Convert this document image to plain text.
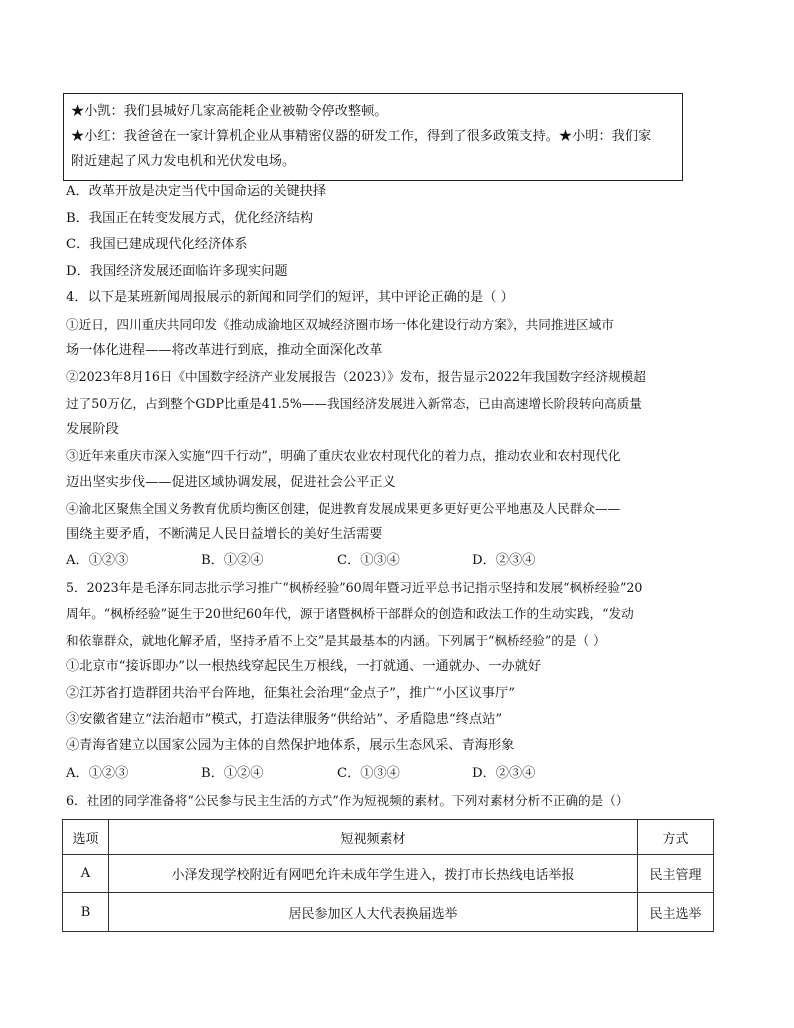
★小凯：我们县城好几家高能耗企业被勒令停改整顿。
★小红：我爸爸在一家计算机企业从事精密仪器的研发工作，得到了很多政策支持。★小明：我们家
附近建起了风力发电机和光伏发电场。
A．改革开放是决定当代中国命运的关键抉择
B．我国正在转变发展方式，优化经济结构
C．我国已建成现代化经济体系
D．我国经济发展还面临许多现实问题
4．以下是某班新闻周报展示的新闻和同学们的短评，其中评论正确的是（ ）
①近日，四川重庆共同印发《推动成渝地区双城经济圈市场一体化建设行动方案》，共同推进区域市
场一体化进程——将改革进行到底，推动全面深化改革
②2023年8月16日《中国数字经济产业发展报告（2023）》发布，报告显示2022年我国数字经济规模超
过了50万亿，占到整个GDP比重是41.5%——我国经济发展进入新常态，已由高速增长阶段转向高质量
发展阶段
③近年来重庆市深入实施“四千行动”，明确了重庆农业农村现代化的着力点，推动农业和农村现代化
迈出坚实步伐——促进区域协调发展，促进社会公平正义
④渝北区聚焦全国义务教育优质均衡区创建，促进教育发展成果更多更好更公平地惠及人民群众——
围绕主要矛盾，不断满足人民日益增长的美好生活需要
A．①②③	B．①②④	C．①③④	D．②③④
5．2023年是毛泽东同志批示学习推广“枫桥经验”60周年暨习近平总书记指示坚持和发展“枫桥经验”20
周年。“枫桥经验”诞生于20世纪60年代，源于诸暨枫桥干部群众的创造和政法工作的生动实践，“发动
和依靠群众，就地化解矛盾，坚持矛盾不上交”是其最基本的内涵。下列属于“枫桥经验”的是（ ）
①北京市“接诉即办”以一根热线穿起民生万根线，一打就通、一通就办、一办就好
②江苏省打造群团共治平台阵地，征集社会治理“金点子”，推广“小区议事厅”
③安徽省建立“法治超市”模式，打造法律服务“供给站”、矛盾隐患“终点站”
④青海省建立以国家公园为主体的自然保护地体系，展示生态风采、青海形象
A．①②③	B．①②④	C．①③④	D．②③④
6．社团的同学准备将“公民参与民主生活的方式”作为短视频的素材。下列对素材分析不正确的是（）
选项	短视频素材	方式
A	小泽发现学校附近有网吧允许未成年学生进入，拨打市长热线电话举报	民主管理
B	居民参加区人大代表换届选举	民主选举
